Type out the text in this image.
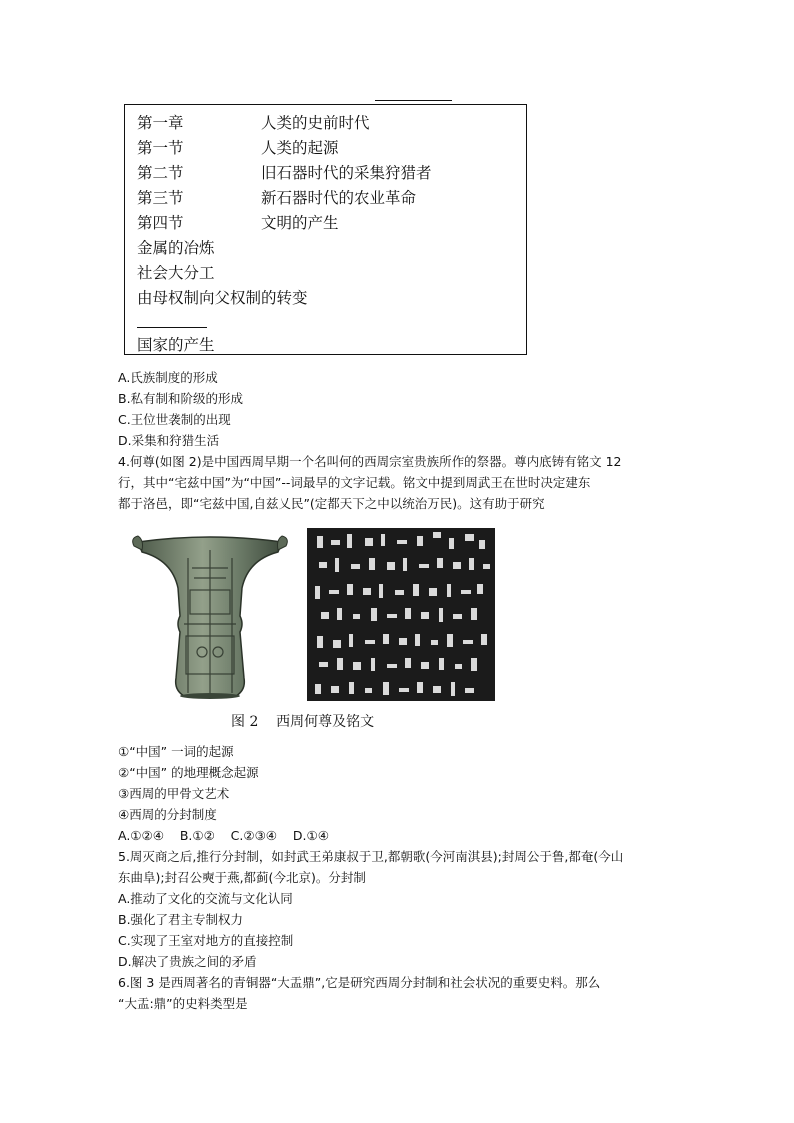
第一章	人类的史前时代
第一节	人类的起源
第二节	旧石器时代的采集狩猎者
第三节	新石器时代的农业革命
第四节	文明的产生
金属的冶炼
社会大分工
由母权制向父权制的转变
国家的产生
A.氏族制度的形成
B.私有制和阶级的形成
C.王位世袭制的出现
D.采集和狩猎生活
4.何尊(如图 2)是中国西周早期一个名叫何的西周宗室贵族所作的祭器。尊内底铸有铭文 12
行，其中“宅兹中国”为“中国”--词最早的文字记载。铭文中提到周武王在世时决定建东
都于洛邑，即“宅兹中国,自兹乂民”(定都天下之中以统治万民)。这有助于研究
图 2    西周何尊及铭文
①“中国” 一词的起源
②“中国” 的地理概念起源
③西周的甲骨文艺术
④西周的分封制度
A.①②④    B.①②    C.②③④    D.①④
5.周灭商之后,推行分封制，如封武王弟康叔于卫,都朝歌(今河南淇县);封周公于鲁,都奄(今山
东曲阜);封召公奭于燕,都蓟(今北京)。分封制
A.推动了文化的交流与文化认同
B.强化了君主专制权力
C.实现了王室对地方的直接控制
D.解决了贵族之间的矛盾
6.图 3 是西周著名的青铜器“大盂鼎”,它是研究西周分封制和社会状况的重要史料。那么
“大盂:鼎”的史料类型是
